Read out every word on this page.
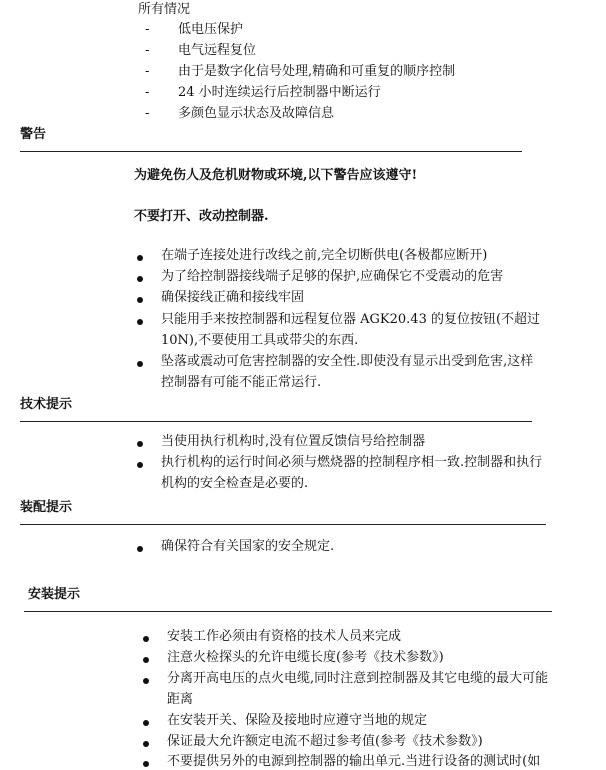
所有情况
- 低电压保护
- 电气远程复位
- 由于是数字化信号处理,精确和可重复的顺序控制
- 24 小时连续运行后控制器中断运行
- 多颜色显示状态及故障信息
警告
为避免伤人及危机财物或环境,以下警告应该遵守!
不要打开、改动控制器.
在端子连接处进行改线之前,完全切断供电(各极都应断开)
为了给控制器接线端子足够的保护,应确保它不受震动的危害
确保接线正确和接线牢固
只能用手来按控制器和远程复位器 AGK20.43 的复位按钮(不超过
10N),不要使用工具或带尖的东西.
坠落或震动可危害控制器的安全性.即使没有显示出受到危害,这样
控制器有可能不能正常运行.
技术提示
当使用执行机构时,没有位置反馈信号给控制器
执行机构的运行时间必须与燃烧器的控制程序相一致.控制器和执行
机构的安全检查是必要的.
装配提示
确保符合有关国家的安全规定.
安装提示
安装工作必须由有资格的技术人员来完成
注意火检探头的允许电缆长度(参考《技术参数》)
分离开高电压的点火电缆,同时注意到控制器及其它电缆的最大可能
距离
在安装开关、保险及接地时应遵守当地的规定
保证最大允许额定电流不超过参考值(参考《技术参数》)
不要提供另外的电源到控制器的输出单元.当进行设备的测试时(如
